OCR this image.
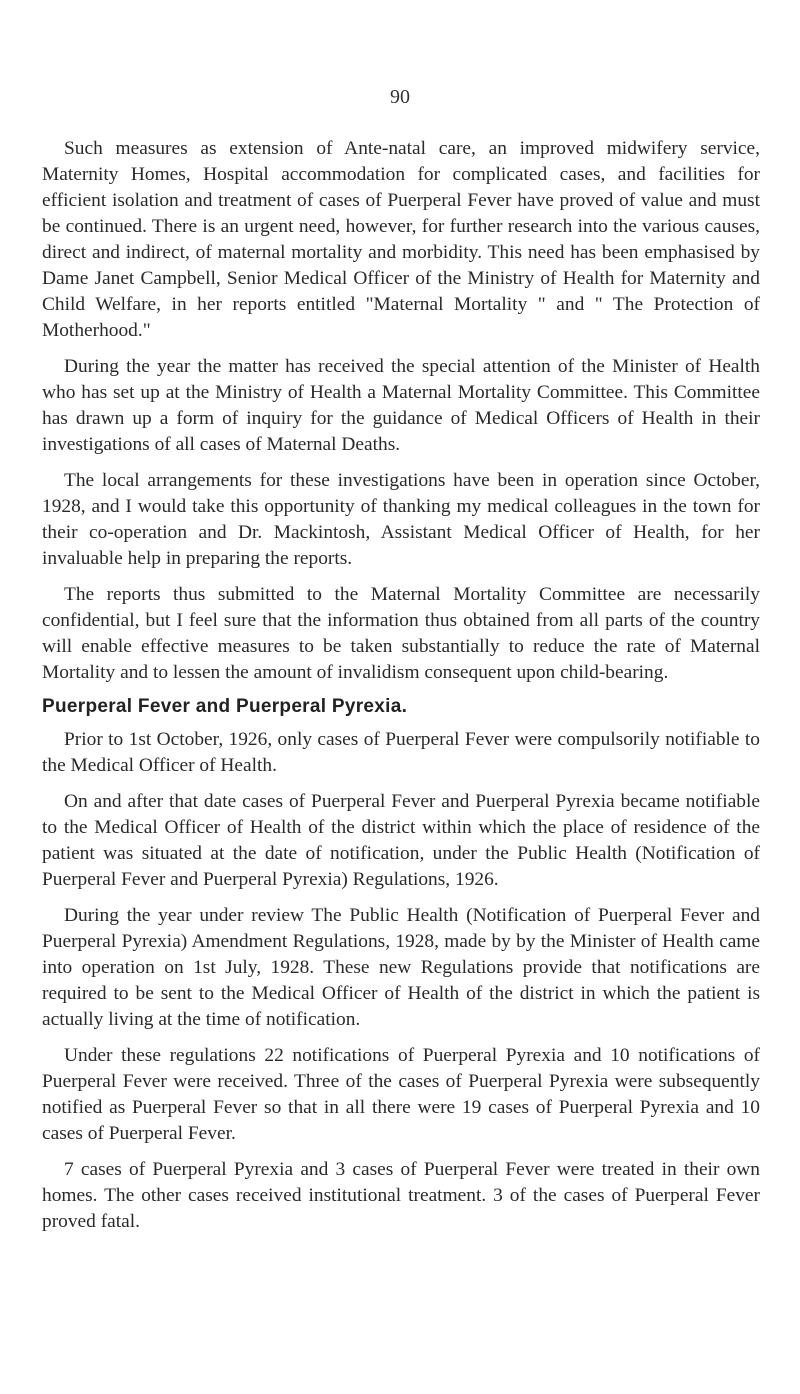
90

Such measures as extension of Ante-natal care, an improved midwifery service, Maternity Homes, Hospital accommodation for complicated cases, and facilities for efficient isolation and treatment of cases of Puerperal Fever have proved of value and must be continued. There is an urgent need, however, for further research into the various causes, direct and indirect, of maternal mortality and morbidity. This need has been emphasised by Dame Janet Campbell, Senior Medical Officer of the Ministry of Health for Maternity and Child Welfare, in her reports entitled "Maternal Mortality " and " The Protection of Motherhood."

During the year the matter has received the special attention of the Minister of Health who has set up at the Ministry of Health a Maternal Mortality Committee. This Committee has drawn up a form of inquiry for the guidance of Medical Officers of Health in their investigations of all cases of Maternal Deaths.

The local arrangements for these investigations have been in operation since October, 1928, and I would take this opportunity of thanking my medical colleagues in the town for their co-operation and Dr. Mackintosh, Assistant Medical Officer of Health, for her invaluable help in preparing the reports.

The reports thus submitted to the Maternal Mortality Committee are necessarily confidential, but I feel sure that the information thus obtained from all parts of the country will enable effective measures to be taken substantially to reduce the rate of Maternal Mortality and to lessen the amount of invalidism consequent upon child-bearing.

Puerperal Fever and Puerperal Pyrexia.

Prior to 1st October, 1926, only cases of Puerperal Fever were compulsorily notifiable to the Medical Officer of Health.

On and after that date cases of Puerperal Fever and Puerperal Pyrexia became notifiable to the Medical Officer of Health of the district within which the place of residence of the patient was situated at the date of notification, under the Public Health (Notification of Puerperal Fever and Puerperal Pyrexia) Regulations, 1926.

During the year under review The Public Health (Notification of Puerperal Fever and Puerperal Pyrexia) Amendment Regulations, 1928, made by by the Minister of Health came into operation on 1st July, 1928. These new Regulations provide that notifications are required to be sent to the Medical Officer of Health of the district in which the patient is actually living at the time of notification.

Under these regulations 22 notifications of Puerperal Pyrexia and 10 notifications of Puerperal Fever were received. Three of the cases of Puerperal Pyrexia were subsequently notified as Puerperal Fever so that in all there were 19 cases of Puerperal Pyrexia and 10 cases of Puerperal Fever.

7 cases of Puerperal Pyrexia and 3 cases of Puerperal Fever were treated in their own homes. The other cases received institutional treatment. 3 of the cases of Puerperal Fever proved fatal.
